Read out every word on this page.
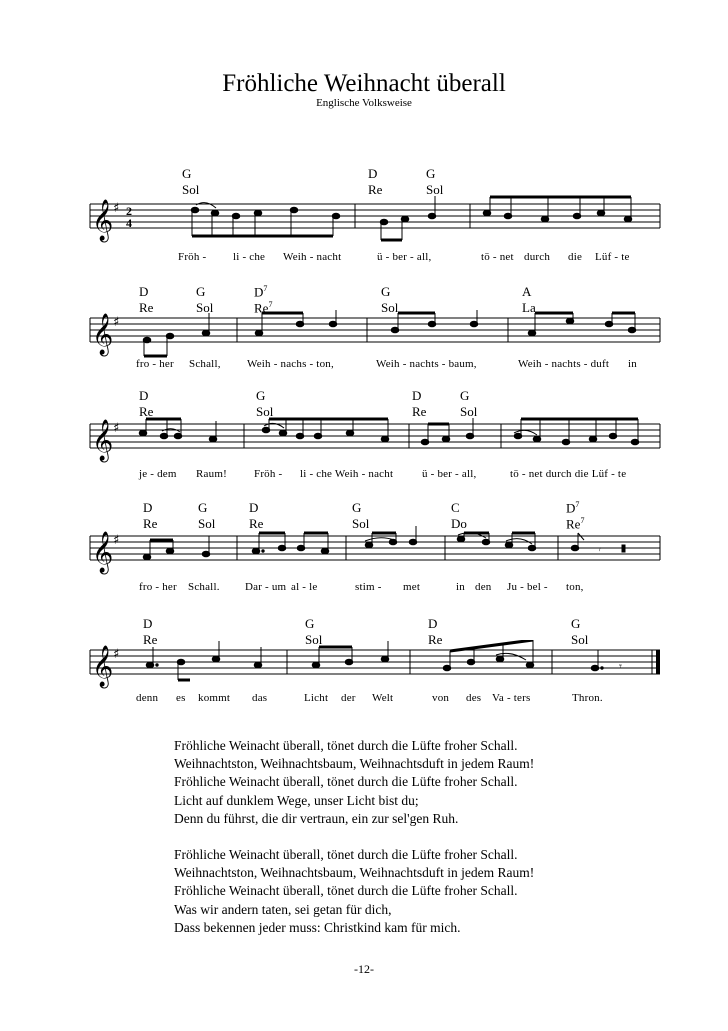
Fröhliche Weihnacht überall
Englische Volksweise
G
Sol
D
Re
G
Sol
𝄞 ♯ 2
4
Fröh - li - che Weih - nacht	ü - ber - all,	tö - net durch die Lüf - te
D
Re
G
Sol
$D^7$
Re$^7$
G
Sol
A
La
𝄞 ♯
fro - her Schall, Weih - nachs - ton,	Weih - nachts - baum,	Weih - nachts - duft in
D
Re
G
Sol
D
Re
G
Sol
𝄞 ♯
je - dem Raum! Fröh - li - che Weih - nacht	ü - ber - all,	tö - net durch die Lüf - te
D
Re
G
Sol
D
Re
G
Sol
C
Do
$D^7$
Re$^7$
𝄞 ♯
𝄾
fro - her Schall. Dar - um al - le	stim - met	in den Ju - bel - ton,
D
Re
G
Sol
D
Re
G
Sol
𝄞 ♯
𝄾
denn es kommt das	Licht der Welt	von des Va - ters	Thron.
Fröhliche Weinacht überall, tönet durch die Lüfte froher Schall.
Weihnachtston, Weihnachtsbaum, Weihnachtsduft in jedem Raum!
Fröhliche Weinacht überall, tönet durch die Lüfte froher Schall.
Licht auf dunklem Wege, unser Licht bist du;
Denn du führst, die dir vertraun, ein zur sel'gen Ruh.
Fröhliche Weinacht überall, tönet durch die Lüfte froher Schall.
Weihnachtston, Weihnachtsbaum, Weihnachtsduft in jedem Raum!
Fröhliche Weinacht überall, tönet durch die Lüfte froher Schall.
Was wir andern taten, sei getan für dich,
Dass bekennen jeder muss: Christkind kam für mich.
-12-
